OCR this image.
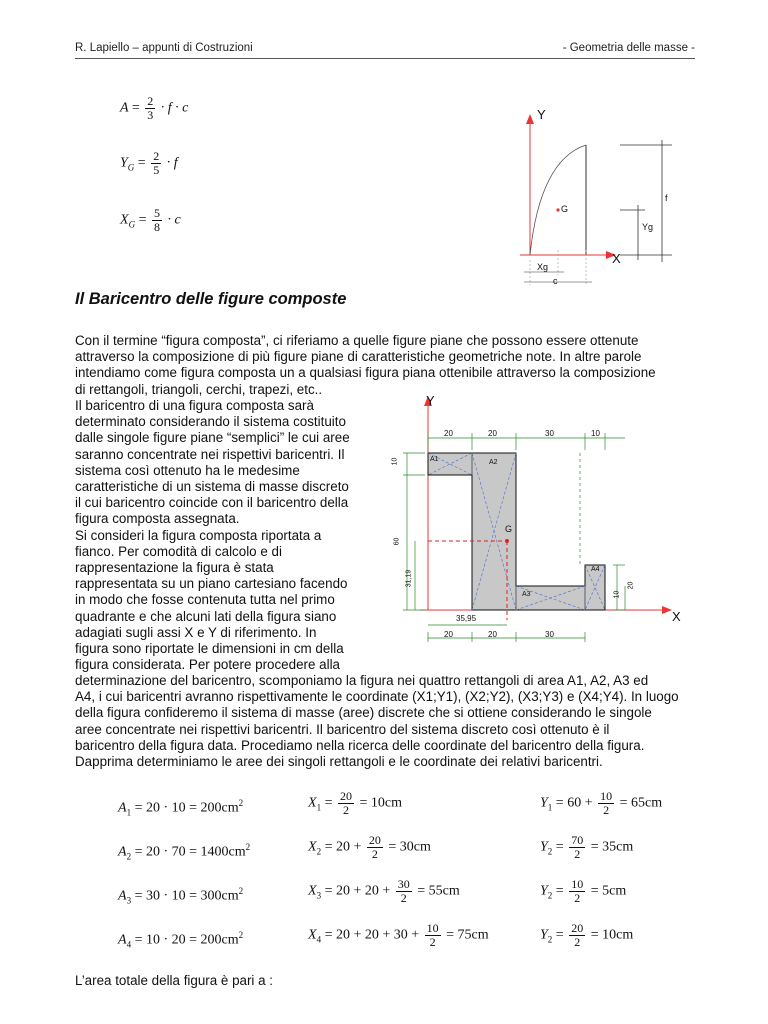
R. Lapiello – appunti di Costruzioni	- Geometria delle masse -
$A = \frac{2}{3} \cdot f \cdot c$
$Y_G = \frac{2}{5} \cdot f$
$X_G = \frac{5}{8} \cdot c$
Y
X
G
f
Yg
Xg
c
Il Baricentro delle figure composte
Con il termine “figura composta”, ci riferiamo a quelle figure piane che possono essere ottenute
attraverso la composizione di più figure piane di caratteristiche geometriche note. In altre parole
intendiamo come figura composta un a qualsiasi figura piana ottenibile attraverso la composizione
di rettangoli, triangoli, cerchi, trapezi, etc..
Il baricentro di una figura composta sarà
determinato considerando il sistema costituito
dalle singole figure piane “semplici” le cui aree
saranno concentrate nei rispettivi baricentri. Il
sistema così ottenuto ha le medesime
caratteristiche di un sistema di masse discreto
il cui baricentro coincide con il baricentro della
figura composta assegnata.
Si consideri la figura composta riportata a
fianco. Per comodità di calcolo e di
rappresentazione la figura è stata
rappresentata su un piano cartesiano facendo
in modo che fosse contenuta tutta nel primo
quadrante e che alcuni lati della figura siano
adagiati sugli assi X e Y di riferimento. In
figura sono riportate le dimensioni in cm della
figura considerata. Per potere procedere alla
Y
X
G
20	20	30	10
20	20	30
35,95
10
60
31,19	20
10
A1	A2
A3
A4
determinazione del baricentro, scomponiamo la figura nei quattro rettangoli di area A1, A2, A3 ed
A4, i cui baricentri avranno rispettivamente le coordinate (X1;Y1), (X2;Y2), (X3;Y3) e (X4;Y4). In luogo
della figura confideremo il sistema di masse (aree) discrete che si ottiene considerando le singole
aree concentrate nei rispettivi baricentri. Il baricentro del sistema discreto così ottenuto è il
baricentro della figura data. Procediamo nella ricerca delle coordinate del baricentro della figura.
Dapprima determiniamo le aree dei singoli rettangoli e le coordinate dei relativi baricentri.
$A_1 = 20 \cdot 10 = 200cm^2$	$X_1 = \frac{20}{2} = 10cm$	$Y_1 = 60 + \frac{10}{2} = 65cm$
$A_2 = 20 \cdot 70 = 1400cm^2$	$X_2 = 20 + \frac{20}{2} = 30cm$	$Y_2 = \frac{70}{2} = 35cm$
$A_3 = 30 \cdot 10 = 300cm^2$	$X_3 = 20 + 20 + \frac{30}{2} = 55cm$	$Y_2 = \frac{10}{2} = 5cm$
$A_4 = 10 \cdot 20 = 200cm^2$	$X_4 = 20 + 20 + 30 + \frac{10}{2} = 75cm$	$Y_2 = \frac{20}{2} = 10cm$
L’area totale della figura è pari a :
